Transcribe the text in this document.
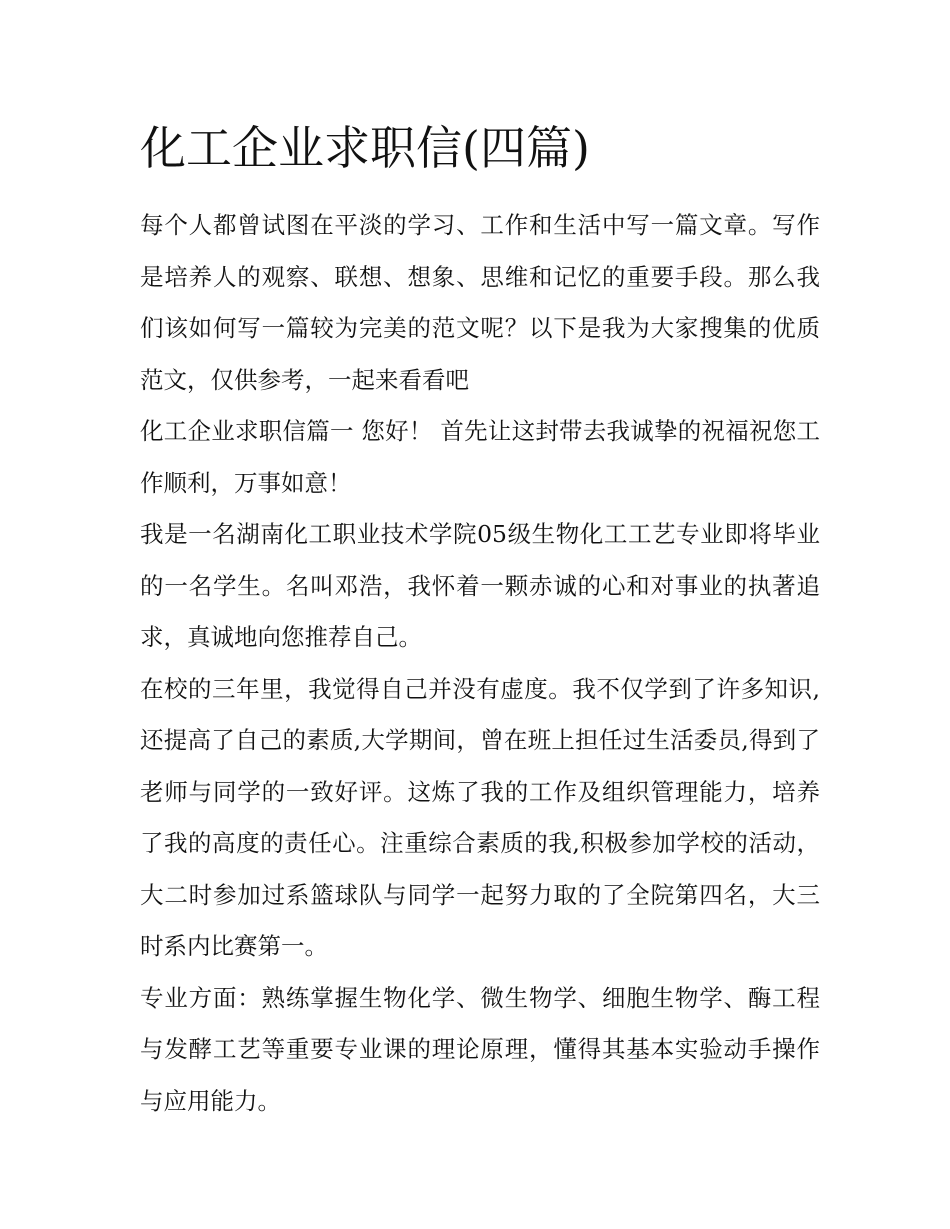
化工企业求职信(四篇)

每个人都曾试图在平淡的学习、工作和生活中写一篇文章。写作是培养人的观察、联想、想象、思维和记忆的重要手段。那么我们该如何写一篇较为完美的范文呢？以下是我为大家搜集的优质范文，仅供参考，一起来看看吧

化工企业求职信篇一 您好！ 首先让这封带去我诚挚的祝福祝您工作顺利，万事如意！

我是一名湖南化工职业技术学院05级生物化工工艺专业即将毕业的一名学生。名叫邓浩，我怀着一颗赤诚的心和对事业的执著追求，真诚地向您推荐自己。

在校的三年里，我觉得自己并没有虚度。我不仅学到了许多知识,还提高了自己的素质,大学期间，曾在班上担任过生活委员,得到了老师与同学的一致好评。这炼了我的工作及组织管理能力，培养了我的高度的责任心。注重综合素质的我,积极参加学校的活动，大二时参加过系篮球队与同学一起努力取的了全院第四名，大三时系内比赛第一。

专业方面：熟练掌握生物化学、微生物学、细胞生物学、酶工程与发酵工艺等重要专业课的理论原理，懂得其基本实验动手操作与应用能力。
